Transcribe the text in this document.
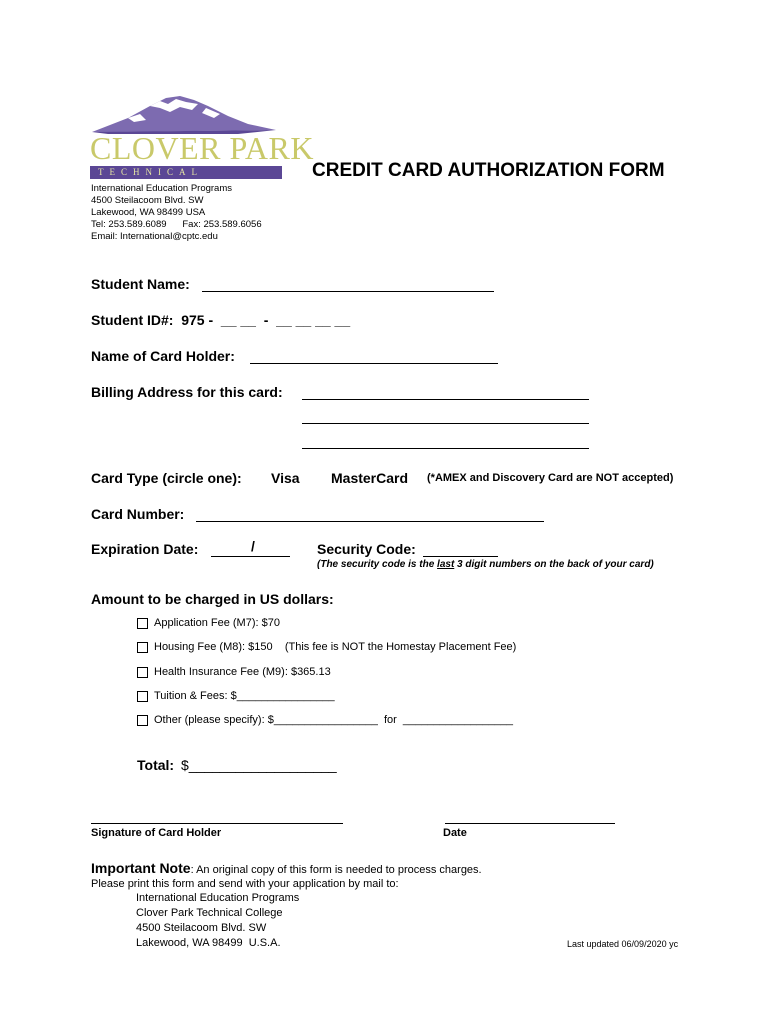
CLOVER PARK
TECHNICAL	CREDIT CARD AUTHORIZATION FORM
International Education Programs
4500 Steilacoom Blvd. SW
Lakewood, WA 98499 USA
Tel: 253.589.6089      Fax: 253.589.6056
Email: International@cptc.edu
Student Name:
Student ID#:  975 -  __ __  -  __ __ __ __
Name of Card Holder:
Billing Address for this card:
Card Type (circle one): Visa MasterCard (*AMEX and Discovery Card are NOT accepted)
Card Number:
Expiration Date:	/	Security Code:
(The security code is the last 3 digit numbers on the back of your card)
Amount to be charged in US dollars:
Application Fee (M7): $70
Housing Fee (M8): $150    (This fee is NOT the Homestay Placement Fee)
Health Insurance Fee (M9): $365.13
Tuition & Fees: $________________
Other (please specify): $_________________  for  __________________
Total: $___________________
Signature of Card Holder	Date
Important Note: An original copy of this form is needed to process charges.
Please print this form and send with your application by mail to:
International Education Programs
Clover Park Technical College
4500 Steilacoom Blvd. SW
Lakewood, WA 98499  U.S.A.	Last updated 06/09/2020 yc
